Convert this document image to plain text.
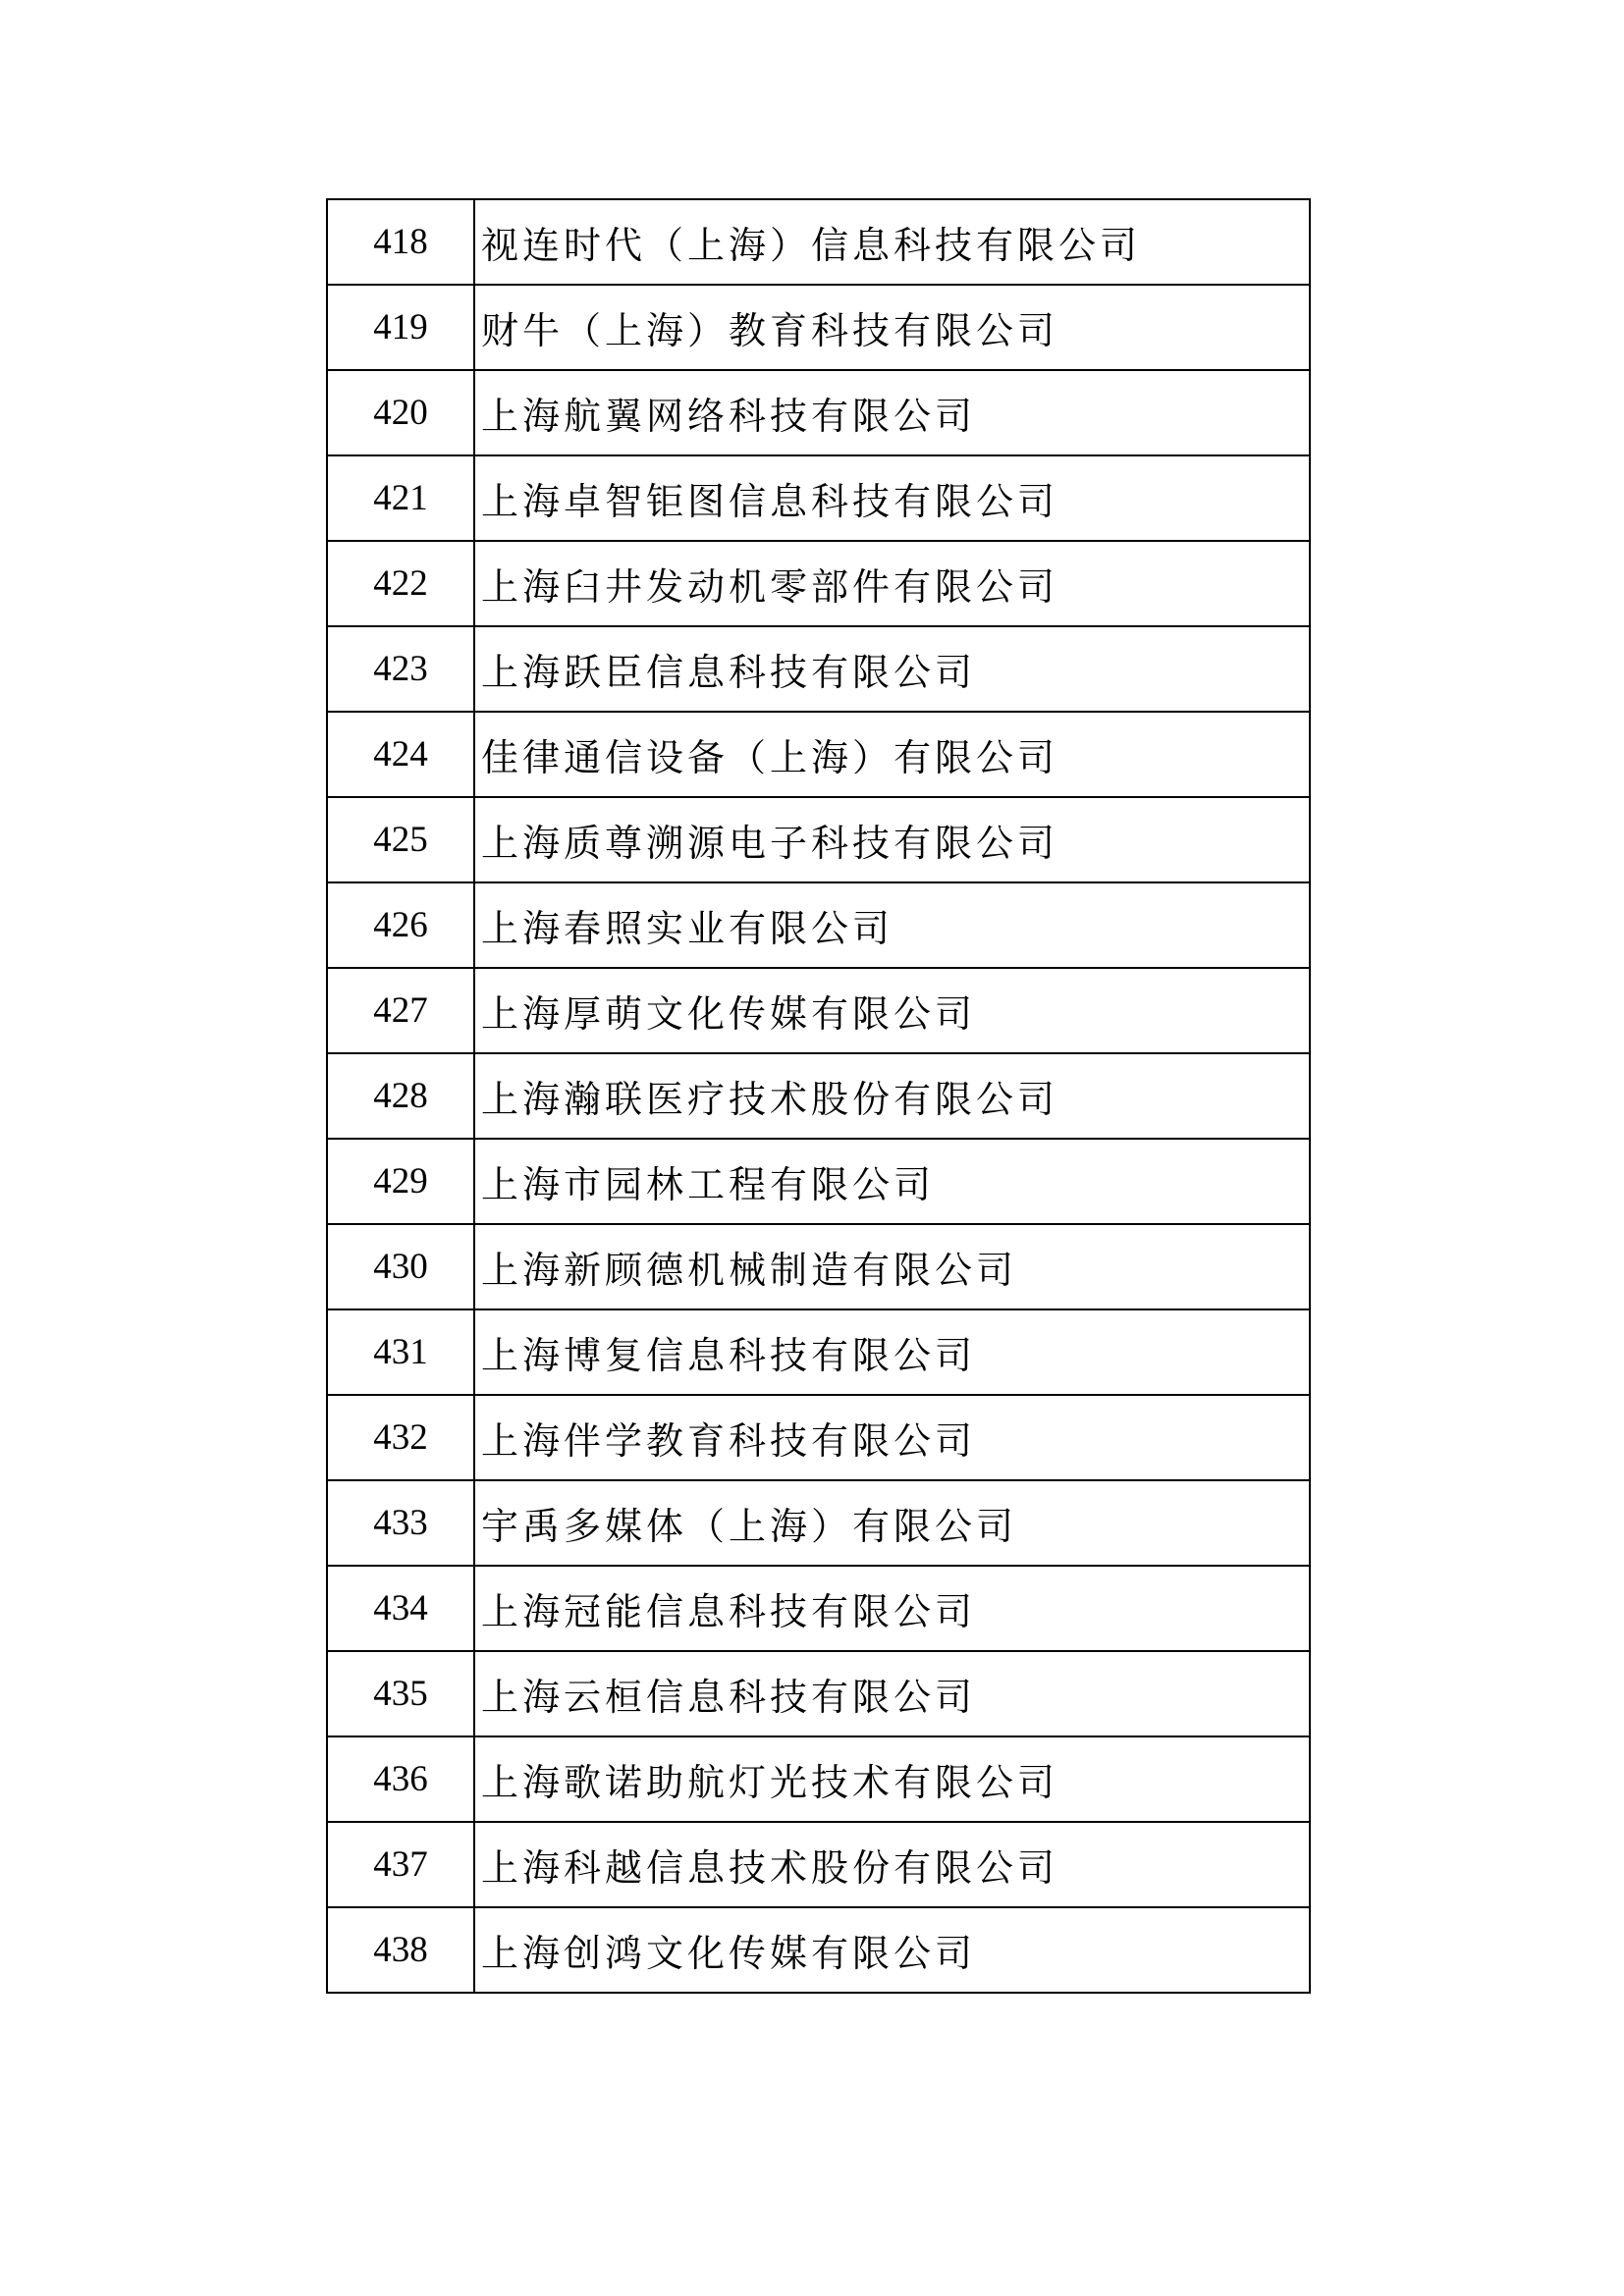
418	视连时代（上海）信息科技有限公司
419	财牛（上海）教育科技有限公司
420	上海航翼网络科技有限公司
421	上海卓智钜图信息科技有限公司
422	上海臼井发动机零部件有限公司
423	上海跃臣信息科技有限公司
424	佳律通信设备（上海）有限公司
425	上海质尊溯源电子科技有限公司
426	上海春照实业有限公司
427	上海厚萌文化传媒有限公司
428	上海瀚联医疗技术股份有限公司
429	上海市园林工程有限公司
430	上海新顾德机械制造有限公司
431	上海博复信息科技有限公司
432	上海伴学教育科技有限公司
433	宇禹多媒体（上海）有限公司
434	上海冠能信息科技有限公司
435	上海云桓信息科技有限公司
436	上海歌诺助航灯光技术有限公司
437	上海科越信息技术股份有限公司
438	上海创鸿文化传媒有限公司
